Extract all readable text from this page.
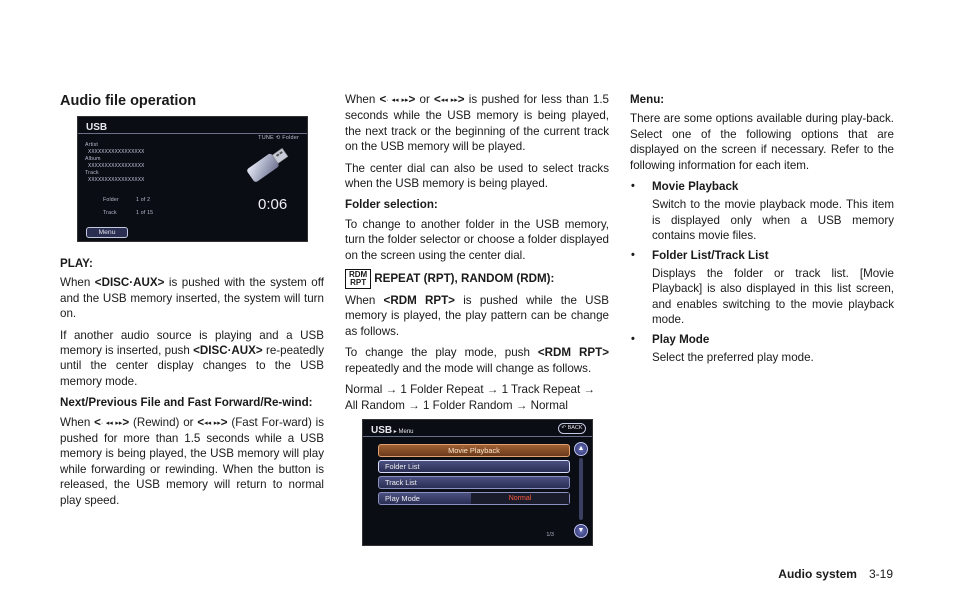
Audio file operation
USB
TUNE ⟲ Folder
Artist
XXXXXXXXXXXXXXXXX
Album
XXXXXXXXXXXXXXXXX
Track
XXXXXXXXXXXXXXXXX
Folder	1 of 2
Track	1 of 15	0:06
Menu
PLAY:
When <DISC·AUX> is pushed with the system off and the USB memory inserted, the system will turn on.
If another audio source is playing and a USB memory is inserted, push <DISC·AUX> re-peatedly until the center display changes to the USB memory mode.
Next/Previous File and Fast Forward/Re-wind:
When <· ◂◂ ▸▸> (Rewind) or <◂◂ ▸▸> (Fast For-ward) is pushed for more than 1.5 seconds while a USB memory is being played, the USB memory will play while forwarding or rewinding. When the button is released, the USB memory will return to normal play speed.
When <· ◂◂ ▸▸> or <◂◂ ▸▸> is pushed for less than 1.5 seconds while the USB memory is being played, the next track or the beginning of the current track on the USB memory will be played.
The center dial can also be used to select tracks when the USB memory is being played.
Folder selection:
To change to another folder in the USB memory, turn the folder selector or choose a folder displayed on the screen using the center dial.
RDM
RPT REPEAT (RPT), RANDOM (RDM):
When <RDM RPT> is pushed while the USB memory is played, the play pattern can be change as follows.
To change the play mode, push <RDM RPT> repeatedly and the mode will change as follows.
Normal → 1 Folder Repeat → 1 Track Repeat → All Random → 1 Folder Random → Normal
USB ▸ Menu
↶ BACK
Movie Playback
Folder List
Track List
Play Mode	Normal
▲
▼
1/3
Menu:
There are some options available during play-back. Select one of the following options that are displayed on the screen if necessary. Refer to the following information for each item.
• Movie Playback
Switch to the movie playback mode. This item is displayed only when a USB memory contains movie files.
• Folder List/Track List
Displays the folder or track list. [Movie Playback] is also displayed in this list screen, and enables switching to the movie playback mode.
• Play Mode
Select the preferred play mode.
Audio system 3-19
